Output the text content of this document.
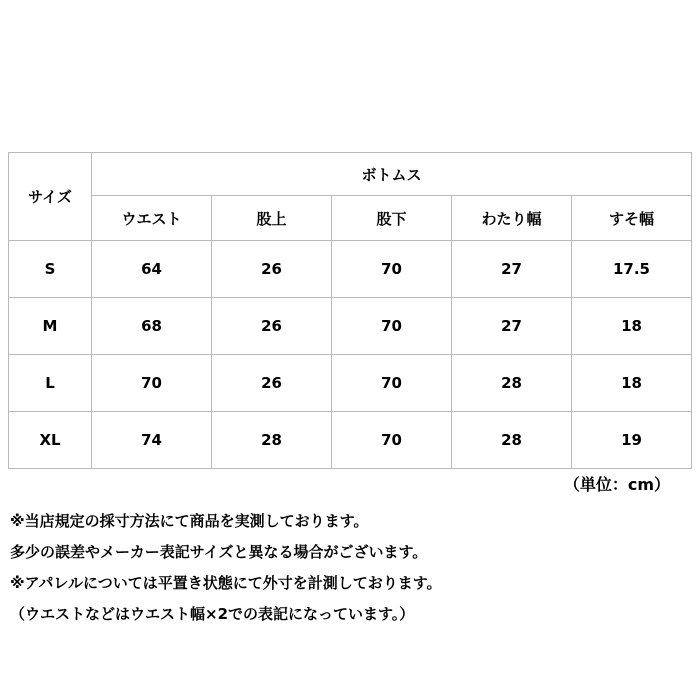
サイズ	ボトムス				
	ウエスト	股上	股下	わたり幅	すそ幅
S	64	26	70	27	17.5
M	68	26	70	27	18
L	70	26	70	28	18
XL	74	28	70	28	19
（単位：cm）
※当店規定の採寸方法にて商品を実測しております。
多少の誤差やメーカー表記サイズと異なる場合がございます。
※アパレルについては平置き状態にて外寸を計測しております。
（ウエストなどはウエスト幅×2での表記になっています。）
